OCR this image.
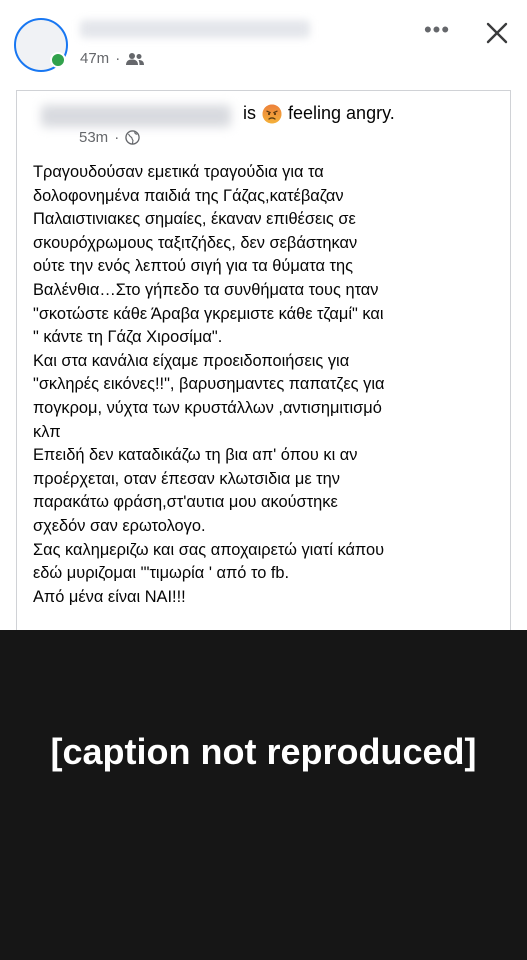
47m ·
•••
is feeling angry.
53m ·
Τραγουδούσαν εμετικά τραγούδια για τα
δολοφονημένα παιδιά της Γάζας,κατέβαζαν
Παλαιστινιακες σημαίες, έκαναν επιθέσεις σε
σκουρόχρωμους ταξιτζήδες, δεν σεβάστηκαν
ούτε την ενός λεπτού σιγή για τα θύματα της
Βαλένθια…Στο γήπεδο τα συνθήματα τους ηταν
"σκοτώστε κάθε Άραβα γκρεμιστε κάθε τζαμί" και
" κάντε τη Γάζα Χιροσίμα".
Και στα κανάλια είχαμε προειδοποιήσεις για
"σκληρές εικόνες!!", βαρυσημαντες παπατζες για
πογκρομ, νύχτα των κρυστάλλων ,αντισημιτισμό
κλπ
Επειδή δεν καταδικάζω τη βια απ' όπου κι αν
προέρχεται, οταν έπεσαν κλωτσιδια με την
παρακάτω φράση,στ'αυτια μου ακούστηκε
σχεδόν σαν ερωτολογο.
Σας καλημεριζω και σας αποχαιρετώ γιατί κάπου
εδώ μυριζομαι '"τιμωρία ' από το fb.
Από μένα είναι ΝΑΙ!!!
[caption not reproduced]
